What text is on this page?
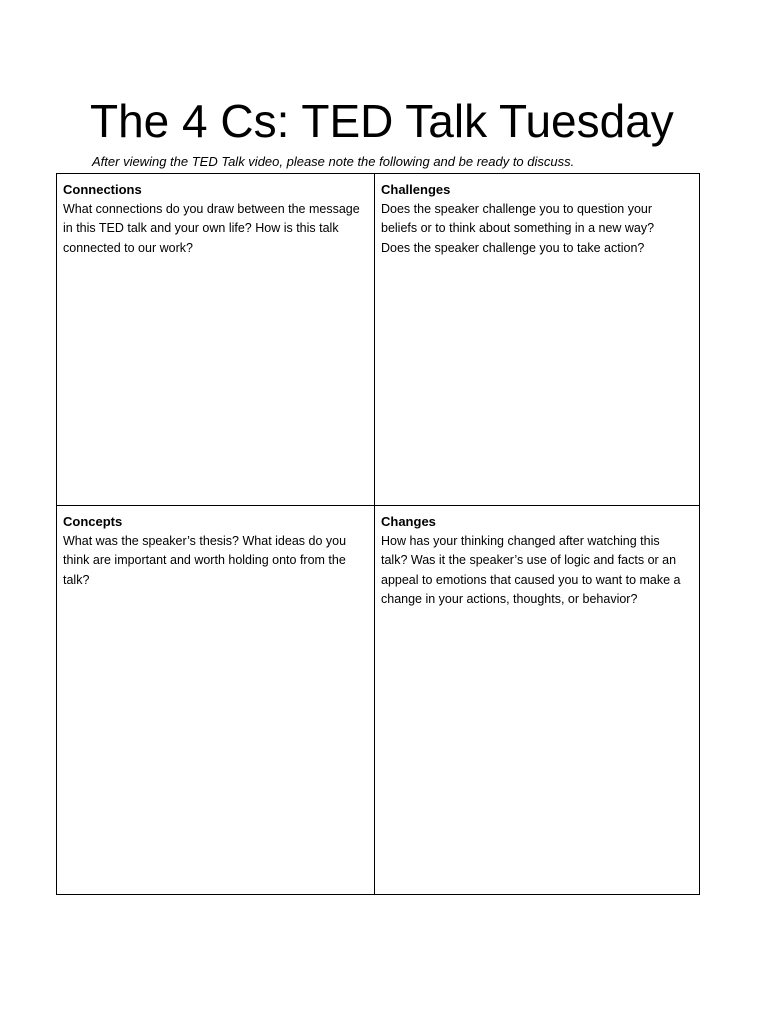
The 4 Cs: TED Talk Tuesday

After viewing the TED Talk video, please note the following and be ready to discuss.

Connections

What connections do you draw between the message in this TED talk and your own life? How is this talk connected to our work?

Challenges

Does the speaker challenge you to question your beliefs or to think about something in a new way? Does the speaker challenge you to take action?

Concepts

What was the speaker’s thesis? What ideas do you think are important and worth holding onto from the talk?

Changes

How has your thinking changed after watching this talk? Was it the speaker’s use of logic and facts or an appeal to emotions that caused you to want to make a change in your actions, thoughts, or behavior?
